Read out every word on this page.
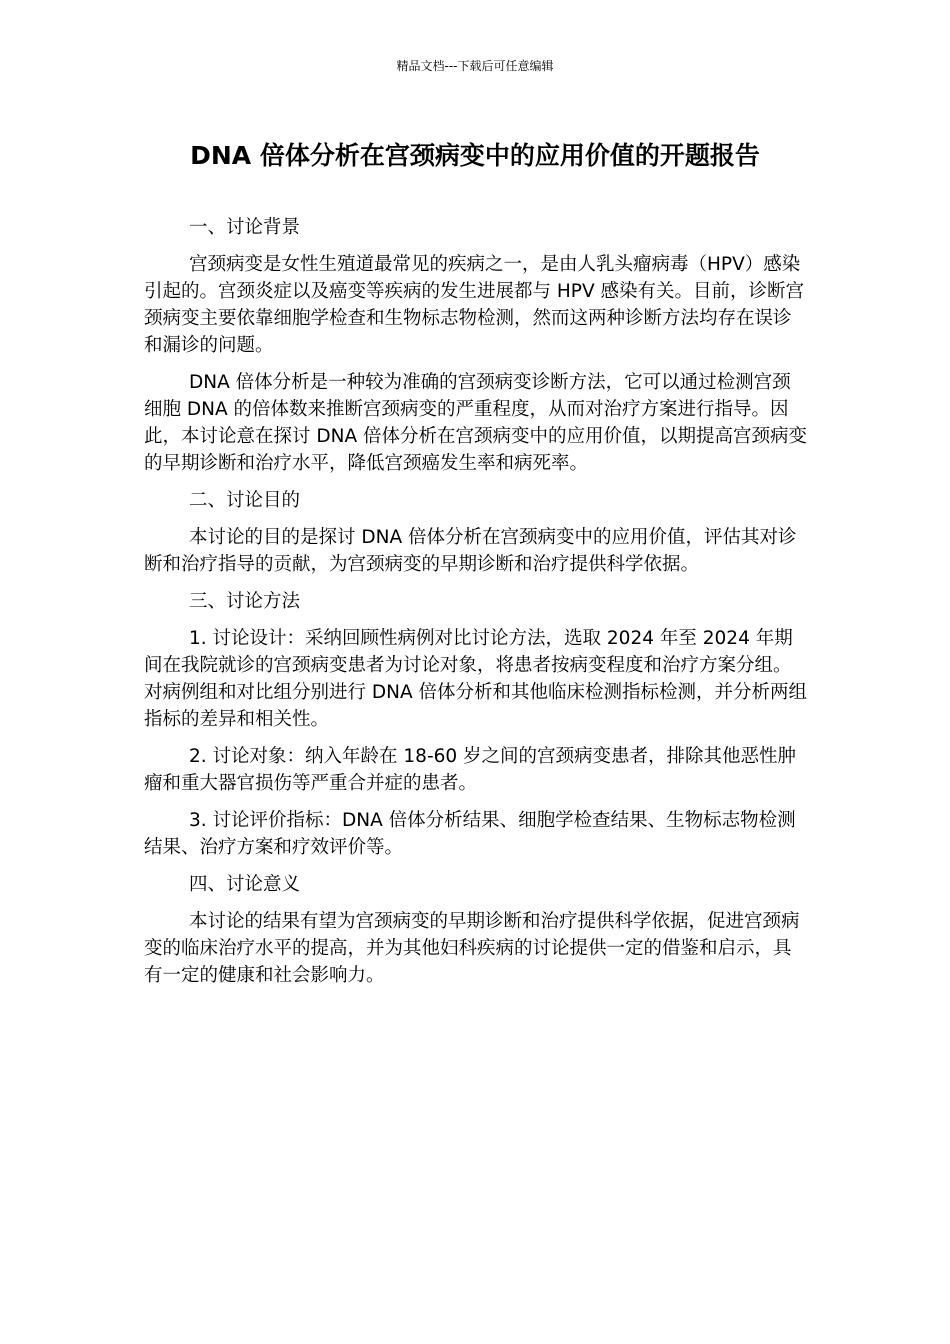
精品文档---下载后可任意编辑
DNA 倍体分析在宫颈病变中的应用价值的开题报告

一、讨论背景

宫颈病变是女性生殖道最常见的疾病之一，是由人乳头瘤病毒（HPV）感染引起的。宫颈炎症以及癌变等疾病的发生进展都与 HPV 感染有关。目前，诊断宫颈病变主要依靠细胞学检查和生物标志物检测，然而这两种诊断方法均存在误诊和漏诊的问题。

DNA 倍体分析是一种较为准确的宫颈病变诊断方法，它可以通过检测宫颈细胞 DNA 的倍体数来推断宫颈病变的严重程度，从而对治疗方案进行指导。因此，本讨论意在探讨 DNA 倍体分析在宫颈病变中的应用价值，以期提高宫颈病变的早期诊断和治疗水平，降低宫颈癌发生率和病死率。

二、讨论目的

本讨论的目的是探讨 DNA 倍体分析在宫颈病变中的应用价值，评估其对诊断和治疗指导的贡献，为宫颈病变的早期诊断和治疗提供科学依据。

三、讨论方法

1. 讨论设计：采纳回顾性病例对比讨论方法，选取 2024 年至 2024 年期间在我院就诊的宫颈病变患者为讨论对象，将患者按病变程度和治疗方案分组。对病例组和对比组分别进行 DNA 倍体分析和其他临床检测指标检测，并分析两组指标的差异和相关性。

2. 讨论对象：纳入年龄在 18-60 岁之间的宫颈病变患者，排除其他恶性肿瘤和重大器官损伤等严重合并症的患者。

3. 讨论评价指标：DNA 倍体分析结果、细胞学检查结果、生物标志物检测结果、治疗方案和疗效评价等。

四、讨论意义

本讨论的结果有望为宫颈病变的早期诊断和治疗提供科学依据，促进宫颈病变的临床治疗水平的提高，并为其他妇科疾病的讨论提供一定的借鉴和启示，具有一定的健康和社会影响力。
